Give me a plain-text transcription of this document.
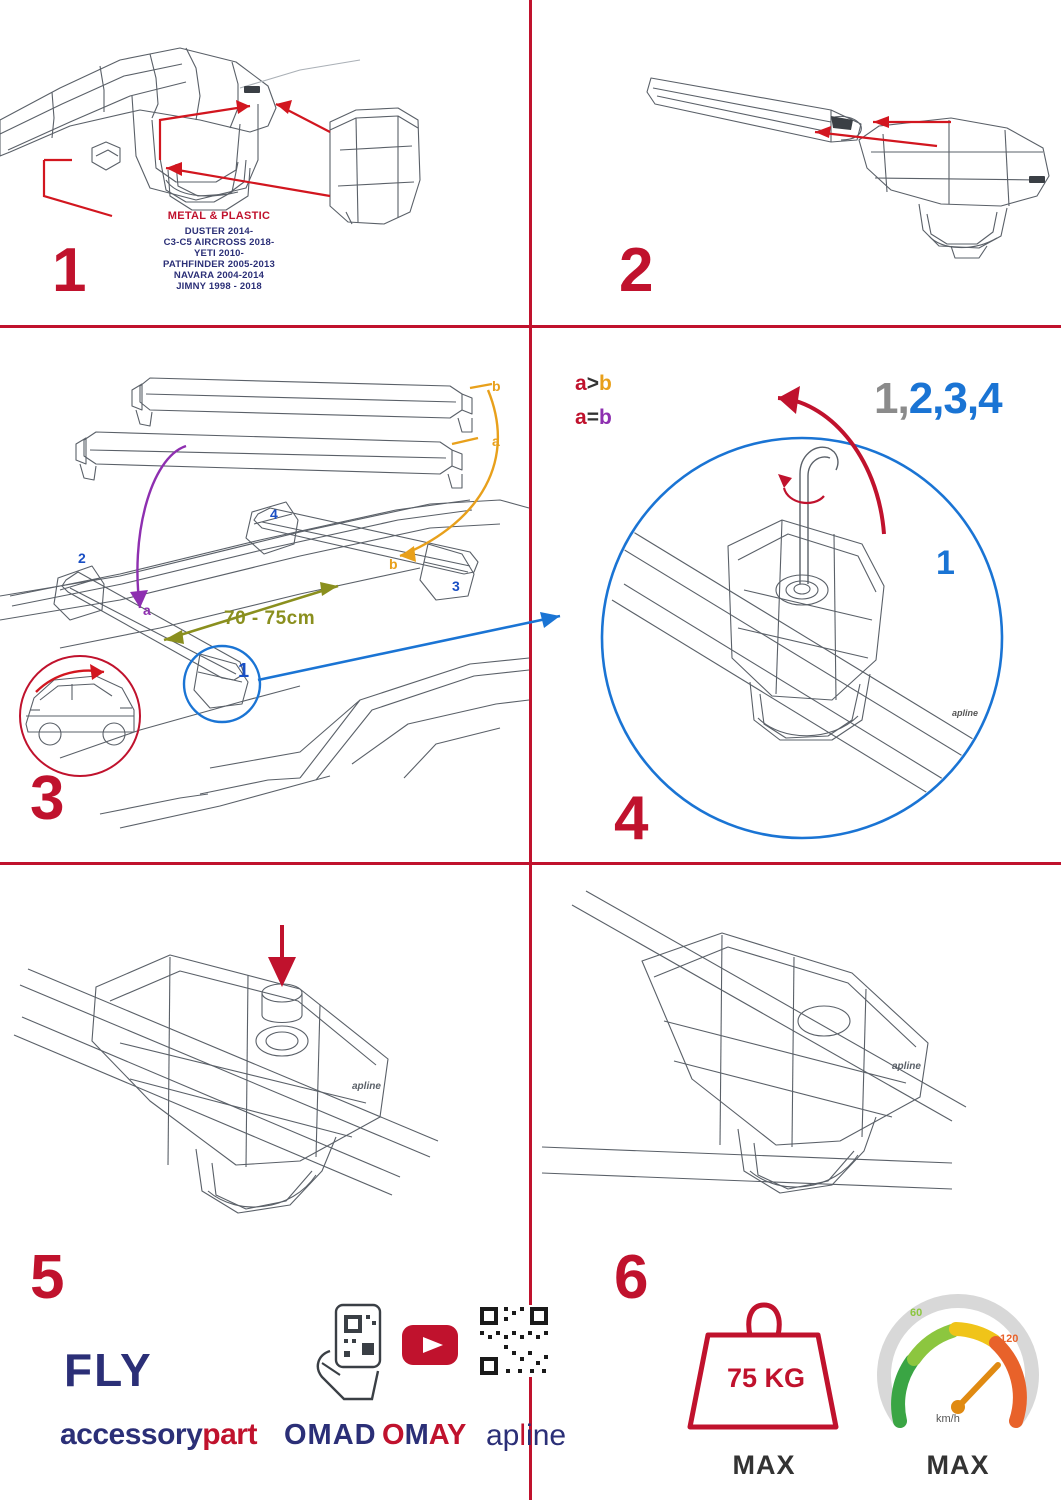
METAL & PLASTIC
DUSTER 2014-
C3-C5 AIRCROSS 2018-
YETI 2010-
PATHFINDER 2005-2013
NAVARA 2004-2014
JIMNY 1998 - 2018
1	2
b
a
a
b
2
3
4
1
70 - 75cm
3
a>b
a=b	1,2,3,4
1
apline
4
apline
5
FLY
accessorypart OMAD OMAY apline
apline
6
75 KG
MAX	MAX
km/h
60
120
